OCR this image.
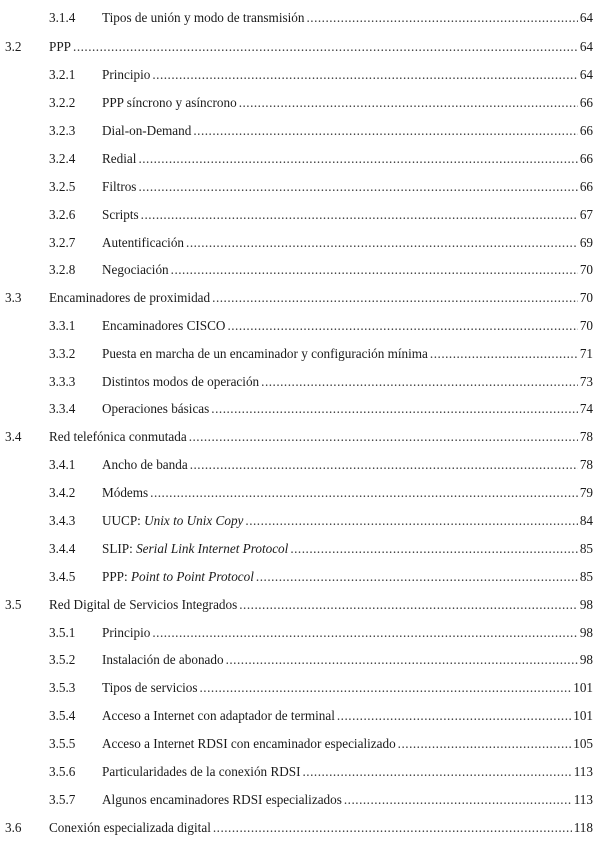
3.1.4 Tipos de unión y modo de transmisión .....	64
3.2 PPP .....	64
3.2.1 Principio .....	64
3.2.2 PPP síncrono y asíncrono .....	66
3.2.3 Dial-on-Demand .....	66
3.2.4 Redial .....	66
3.2.5 Filtros .....	66
3.2.6 Scripts .....	67
3.2.7 Autentificación .....	69
3.2.8 Negociación .....	70
3.3 Encaminadores de proximidad .....	70
3.3.1 Encaminadores CISCO .....	70
3.3.2 Puesta en marcha de un encaminador y configuración mínima .....	71
3.3.3 Distintos modos de operación .....	73
3.3.4 Operaciones básicas .....	74
3.4 Red telefónica conmutada .....	78
3.4.1 Ancho de banda .....	78
3.4.2 Módems .....	79
3.4.3 UUCP: Unix to Unix Copy .....	84
3.4.4 SLIP: Serial Link Internet Protocol .....	85
3.4.5 PPP: Point to Point Protocol .....	85
3.5 Red Digital de Servicios Integrados .....	98
3.5.1 Principio .....	98
3.5.2 Instalación de abonado .....	98
3.5.3 Tipos de servicios .....	101
3.5.4 Acceso a Internet con adaptador de terminal .....	101
3.5.5 Acceso a Internet RDSI con encaminador especializado .....	105
3.5.6 Particularidades de la conexión RDSI .....	113
3.5.7 Algunos encaminadores RDSI especializados .....	113
3.6 Conexión especializada digital .....	118
